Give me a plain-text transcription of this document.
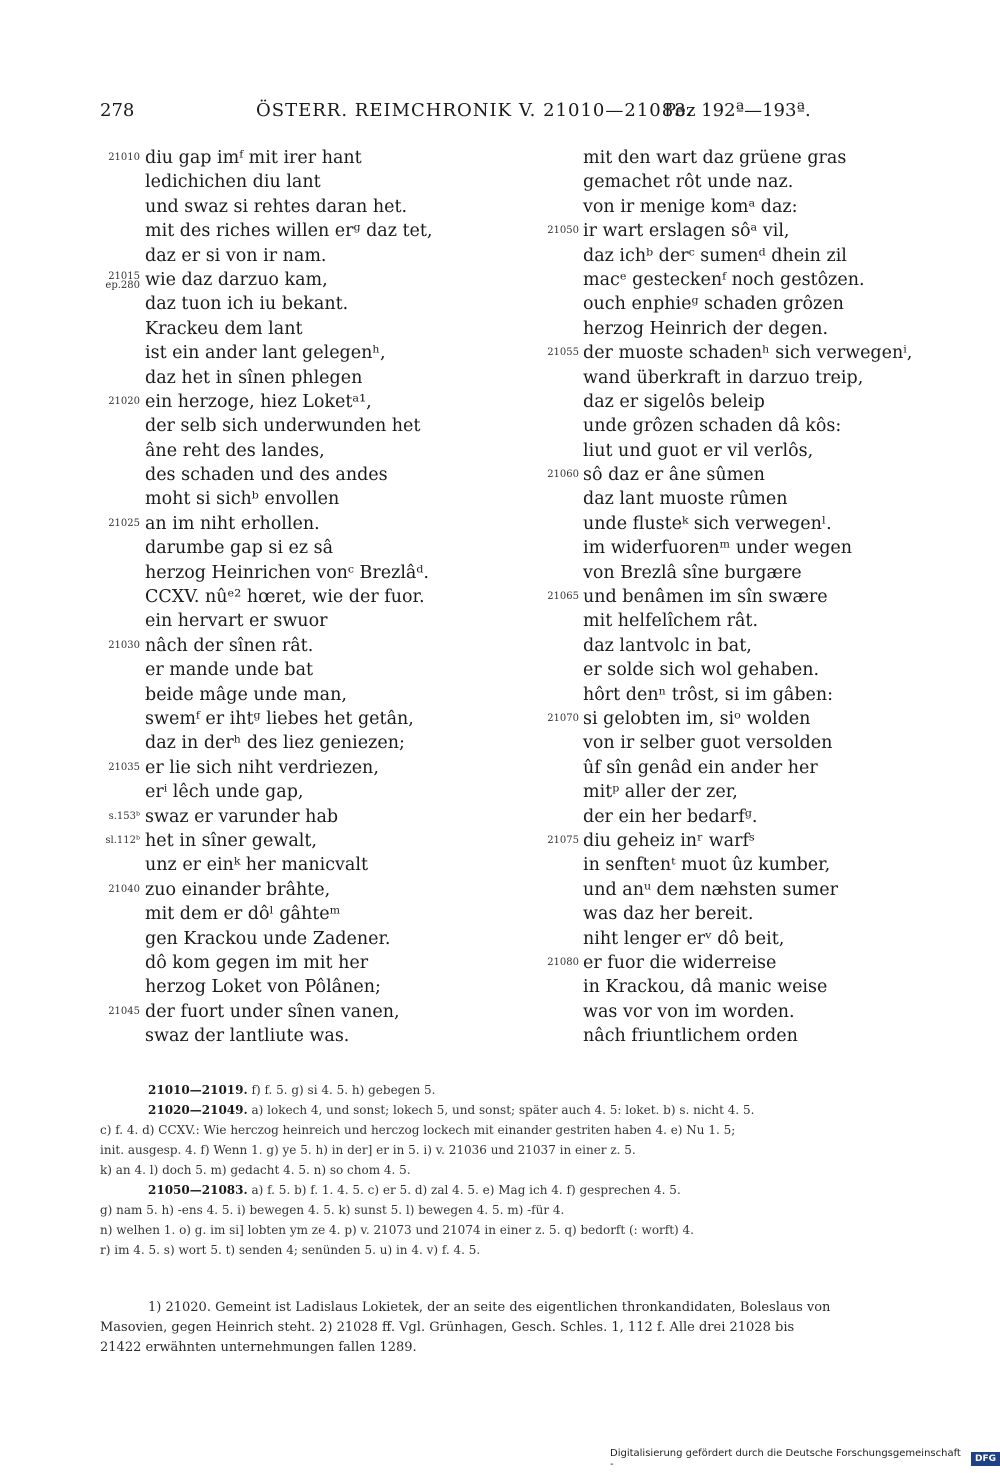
278	ÖSTERR. REIMCHRONIK V. 21010—21083.
Pez 192ª—193ª.
21010 diu gap imᶠ mit irer hant
ledichichen diu lant
und swaz si rehtes daran het.
mit des riches willen erᵍ daz tet,
daz er si von ir nam.
21015
ep.280 wie daz darzuo kam,
daz tuon ich iu bekant.
Krackeu dem lant
ist ein ander lant gelegenʰ,
daz het in sînen phlegen
21020 ein herzoge, hiez Loketᵃ¹,
der selb sich underwunden het
âne reht des landes,
des schaden und des andes
moht si sichᵇ envollen
21025 an im niht erhollen.
darumbe gap si ez sâ
herzog Heinrichen vonᶜ Brezlâᵈ.
CCXV. nûᵉ² hœret, wie der fuor.
ein hervart er swuor
21030 nâch der sînen rât.
er mande unde bat
beide mâge unde man,
swemᶠ er ihtᵍ liebes het getân,
daz in derʰ des liez geniezen;
21035 er lie sich niht verdriezen,
erⁱ lêch unde gap,
s.153ᵇ swaz er varunder hab
sl.112ᵇ het in sîner gewalt,
unz er einᵏ her manicvalt
21040 zuo einander brâhte,
mit dem er dôˡ gâhteᵐ
gen Krackou unde Zadener.
dô kom gegen im mit her
herzog Loket von Pôlânen;
21045 der fuort under sînen vanen,
swaz der lantliute was.
mit den wart daz grüene gras
gemachet rôt unde naz.
von ir menige komᵃ daz:
21050 ir wart erslagen sôᵃ vil,
daz ichᵇ derᶜ sumenᵈ dhein zil
macᵉ gesteckenᶠ noch gestôzen.
ouch enphieᵍ schaden grôzen
herzog Heinrich der degen.
21055 der muoste schadenʰ sich verwegenⁱ,
wand überkraft in darzuo treip,
daz er sigelôs beleip
unde grôzen schaden dâ kôs:
liut und guot er vil verlôs,
21060 sô daz er âne sûmen
daz lant muoste rûmen
unde flusteᵏ sich verwegenˡ.
im widerfuorenᵐ under wegen
von Brezlâ sîne burgære
21065 und benâmen im sîn swære
mit helfelîchem rât.
daz lantvolc in bat,
er solde sich wol gehaben.
hôrt denⁿ trôst, si im gâben:
21070 si gelobten im, siᵒ wolden
von ir selber guot versolden
ûf sîn genâd ein ander her
mitᵖ aller der zer,
der ein her bedarfᵍ.
21075 diu geheiz inʳ warfˢ
in senftenᵗ muot ûz kumber,
und anᵘ dem næhsten sumer
was daz her bereit.
niht lenger erᵛ dô beit,
21080 er fuor die widerreise
in Krackou, dâ manic weise
was vor von im worden.
nâch friuntlichem orden
21010—21019. f) f. 5. g) si 4. 5. h) gebegen 5.
21020—21049. a) lokech 4, und sonst; lokech 5, und sonst; später auch 4. 5: loket. b) s. nicht 4. 5.
c) f. 4. d) CCXV.: Wie herczog heinreich und herczog lockech mit einander gestriten haben 4. e) Nu 1. 5;
init. ausgesp. 4. f) Wenn 1. g) ye 5. h) in der] er in 5. i) v. 21036 und 21037 in einer z. 5.
k) an 4. l) doch 5. m) gedacht 4. 5. n) so chom 4. 5.
21050—21083. a) f. 5. b) f. 1. 4. 5. c) er 5. d) zal 4. 5. e) Mag ich 4. f) gesprechen 4. 5.
g) nam 5. h) -ens 4. 5. i) bewegen 4. 5. k) sunst 5. l) bewegen 4. 5. m) -für 4.
n) welhen 1. o) g. im si] lobten ym ze 4. p) v. 21073 und 21074 in einer z. 5. q) bedorft (: worft) 4.
r) im 4. 5. s) wort 5. t) senden 4; senünden 5. u) in 4. v) f. 4. 5.
1) 21020. Gemeint ist Ladislaus Lokietek, der an seite des eigentlichen thronkandidaten, Boleslaus von
Masovien, gegen Heinrich steht. 2) 21028 ff. Vgl. Grünhagen, Gesch. Schles. 1, 112 f. Alle drei 21028 bis
21422 erwähnten unternehmungen fallen 1289.
Digitalisierung gefördert durch die Deutsche Forschungsgemeinschaft -	DFG
